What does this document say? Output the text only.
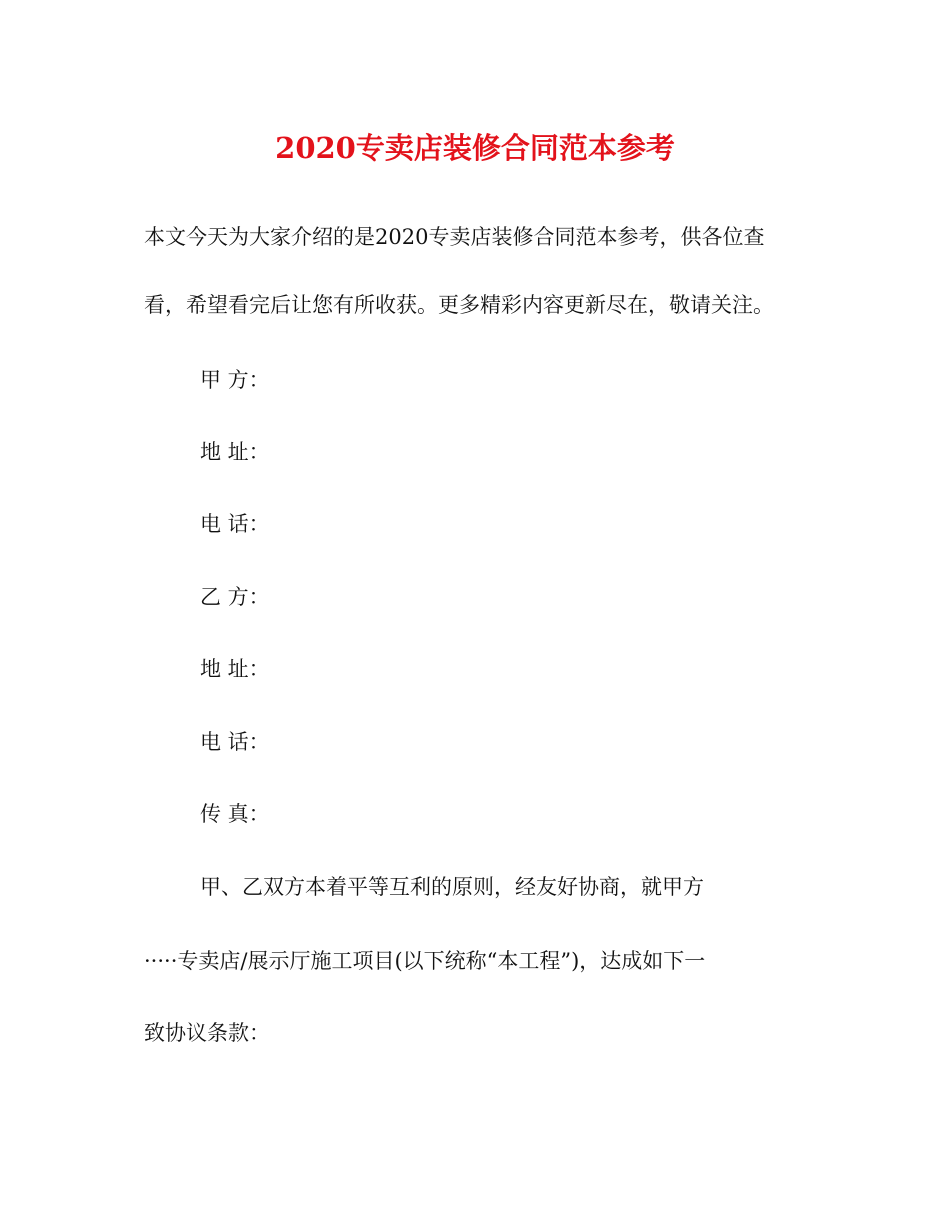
2020专卖店装修合同范本参考
本文今天为大家介绍的是2020专卖店装修合同范本参考，供各位查
看，希望看完后让您有所收获。更多精彩内容更新尽在，敬请关注。
甲 方：
地 址：
电 话：
乙 方：
地 址：
电 话：
传 真：
甲、乙双方本着平等互利的原则，经友好协商，就甲方
·····专卖店/展示厅施工项目(以下统称“本工程”)，达成如下一
致协议条款：
